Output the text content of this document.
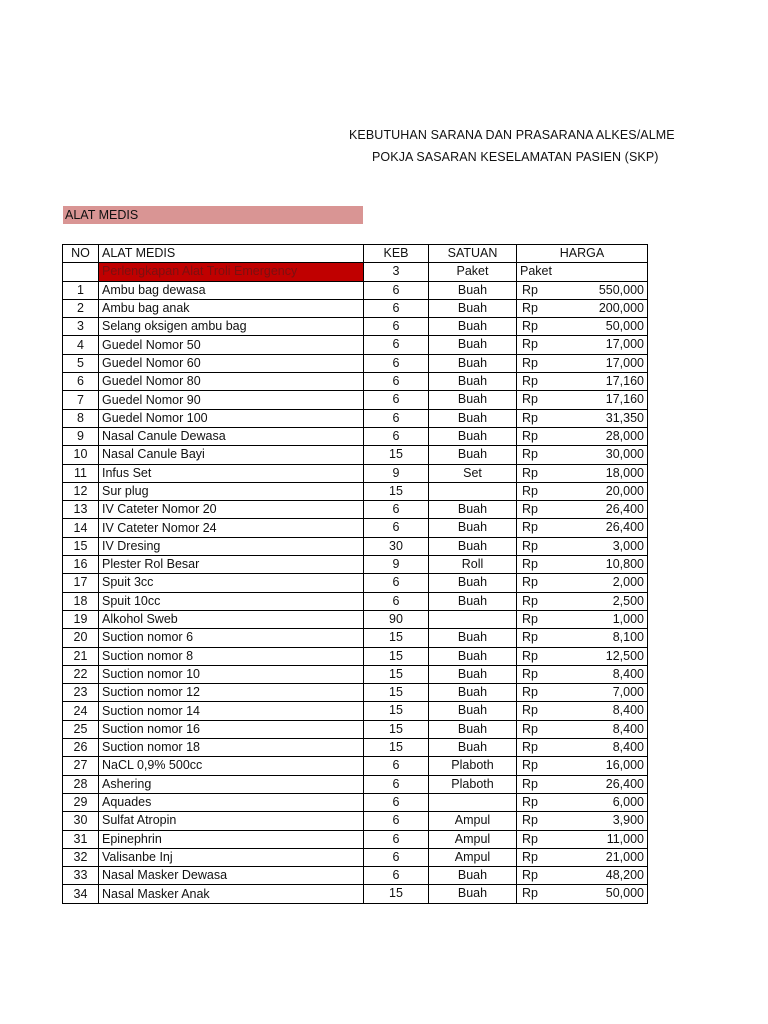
KEBUTUHAN SARANA DAN PRASARANA ALKES/ALME
POKJA SASARAN KESELAMATAN PASIEN (SKP)
ALAT MEDIS
NO	ALAT MEDIS	KEB	SATUAN	HARGA
	Perlengkapan Alat Troli Emergency	3	Paket	Paket
1	Ambu bag dewasa	6	Buah	Rp 550,000

2	Ambu bag anak	6	Buah	Rp 200,000

3	Selang oksigen ambu bag	6	Buah	Rp 50,000

4	Guedel Nomor 50	6	Buah	Rp 17,000

5	Guedel Nomor 60	6	Buah	Rp 17,000

6	Guedel Nomor 80	6	Buah	Rp 17,160

7	Guedel Nomor 90	6	Buah	Rp 17,160

8	Guedel Nomor 100	6	Buah	Rp 31,350

9	Nasal Canule Dewasa	6	Buah	Rp 28,000

10	Nasal Canule Bayi	15	Buah	Rp 30,000

11	Infus Set	9	Set	Rp 18,000

12	Sur plug	15		Rp 20,000

13	IV Cateter Nomor 20	6	Buah	Rp 26,400

14	IV Cateter Nomor 24	6	Buah	Rp 26,400

15	IV Dresing	30	Buah	Rp 3,000

16	Plester Rol Besar	9	Roll	Rp 10,800

17	Spuit 3cc	6	Buah	Rp 2,000

18	Spuit 10cc	6	Buah	Rp 2,500

19	Alkohol Sweb	90		Rp 1,000

20	Suction nomor 6	15	Buah	Rp 8,100

21	Suction nomor 8	15	Buah	Rp 12,500

22	Suction nomor 10	15	Buah	Rp 8,400

23	Suction nomor 12	15	Buah	Rp 7,000

24	Suction nomor 14	15	Buah	Rp 8,400

25	Suction nomor 16	15	Buah	Rp 8,400

26	Suction nomor 18	15	Buah	Rp 8,400

27	NaCL 0,9% 500cc	6	Plaboth	Rp 16,000

28	Ashering	6	Plaboth	Rp 26,400

29	Aquades	6		Rp 6,000

30	Sulfat Atropin	6	Ampul	Rp 3,900

31	Epinephrin	6	Ampul	Rp 11,000

32	Valisanbe Inj	6	Ampul	Rp 21,000

33	Nasal Masker Dewasa	6	Buah	Rp 48,200

34	Nasal Masker Anak	15	Buah	Rp 50,000
